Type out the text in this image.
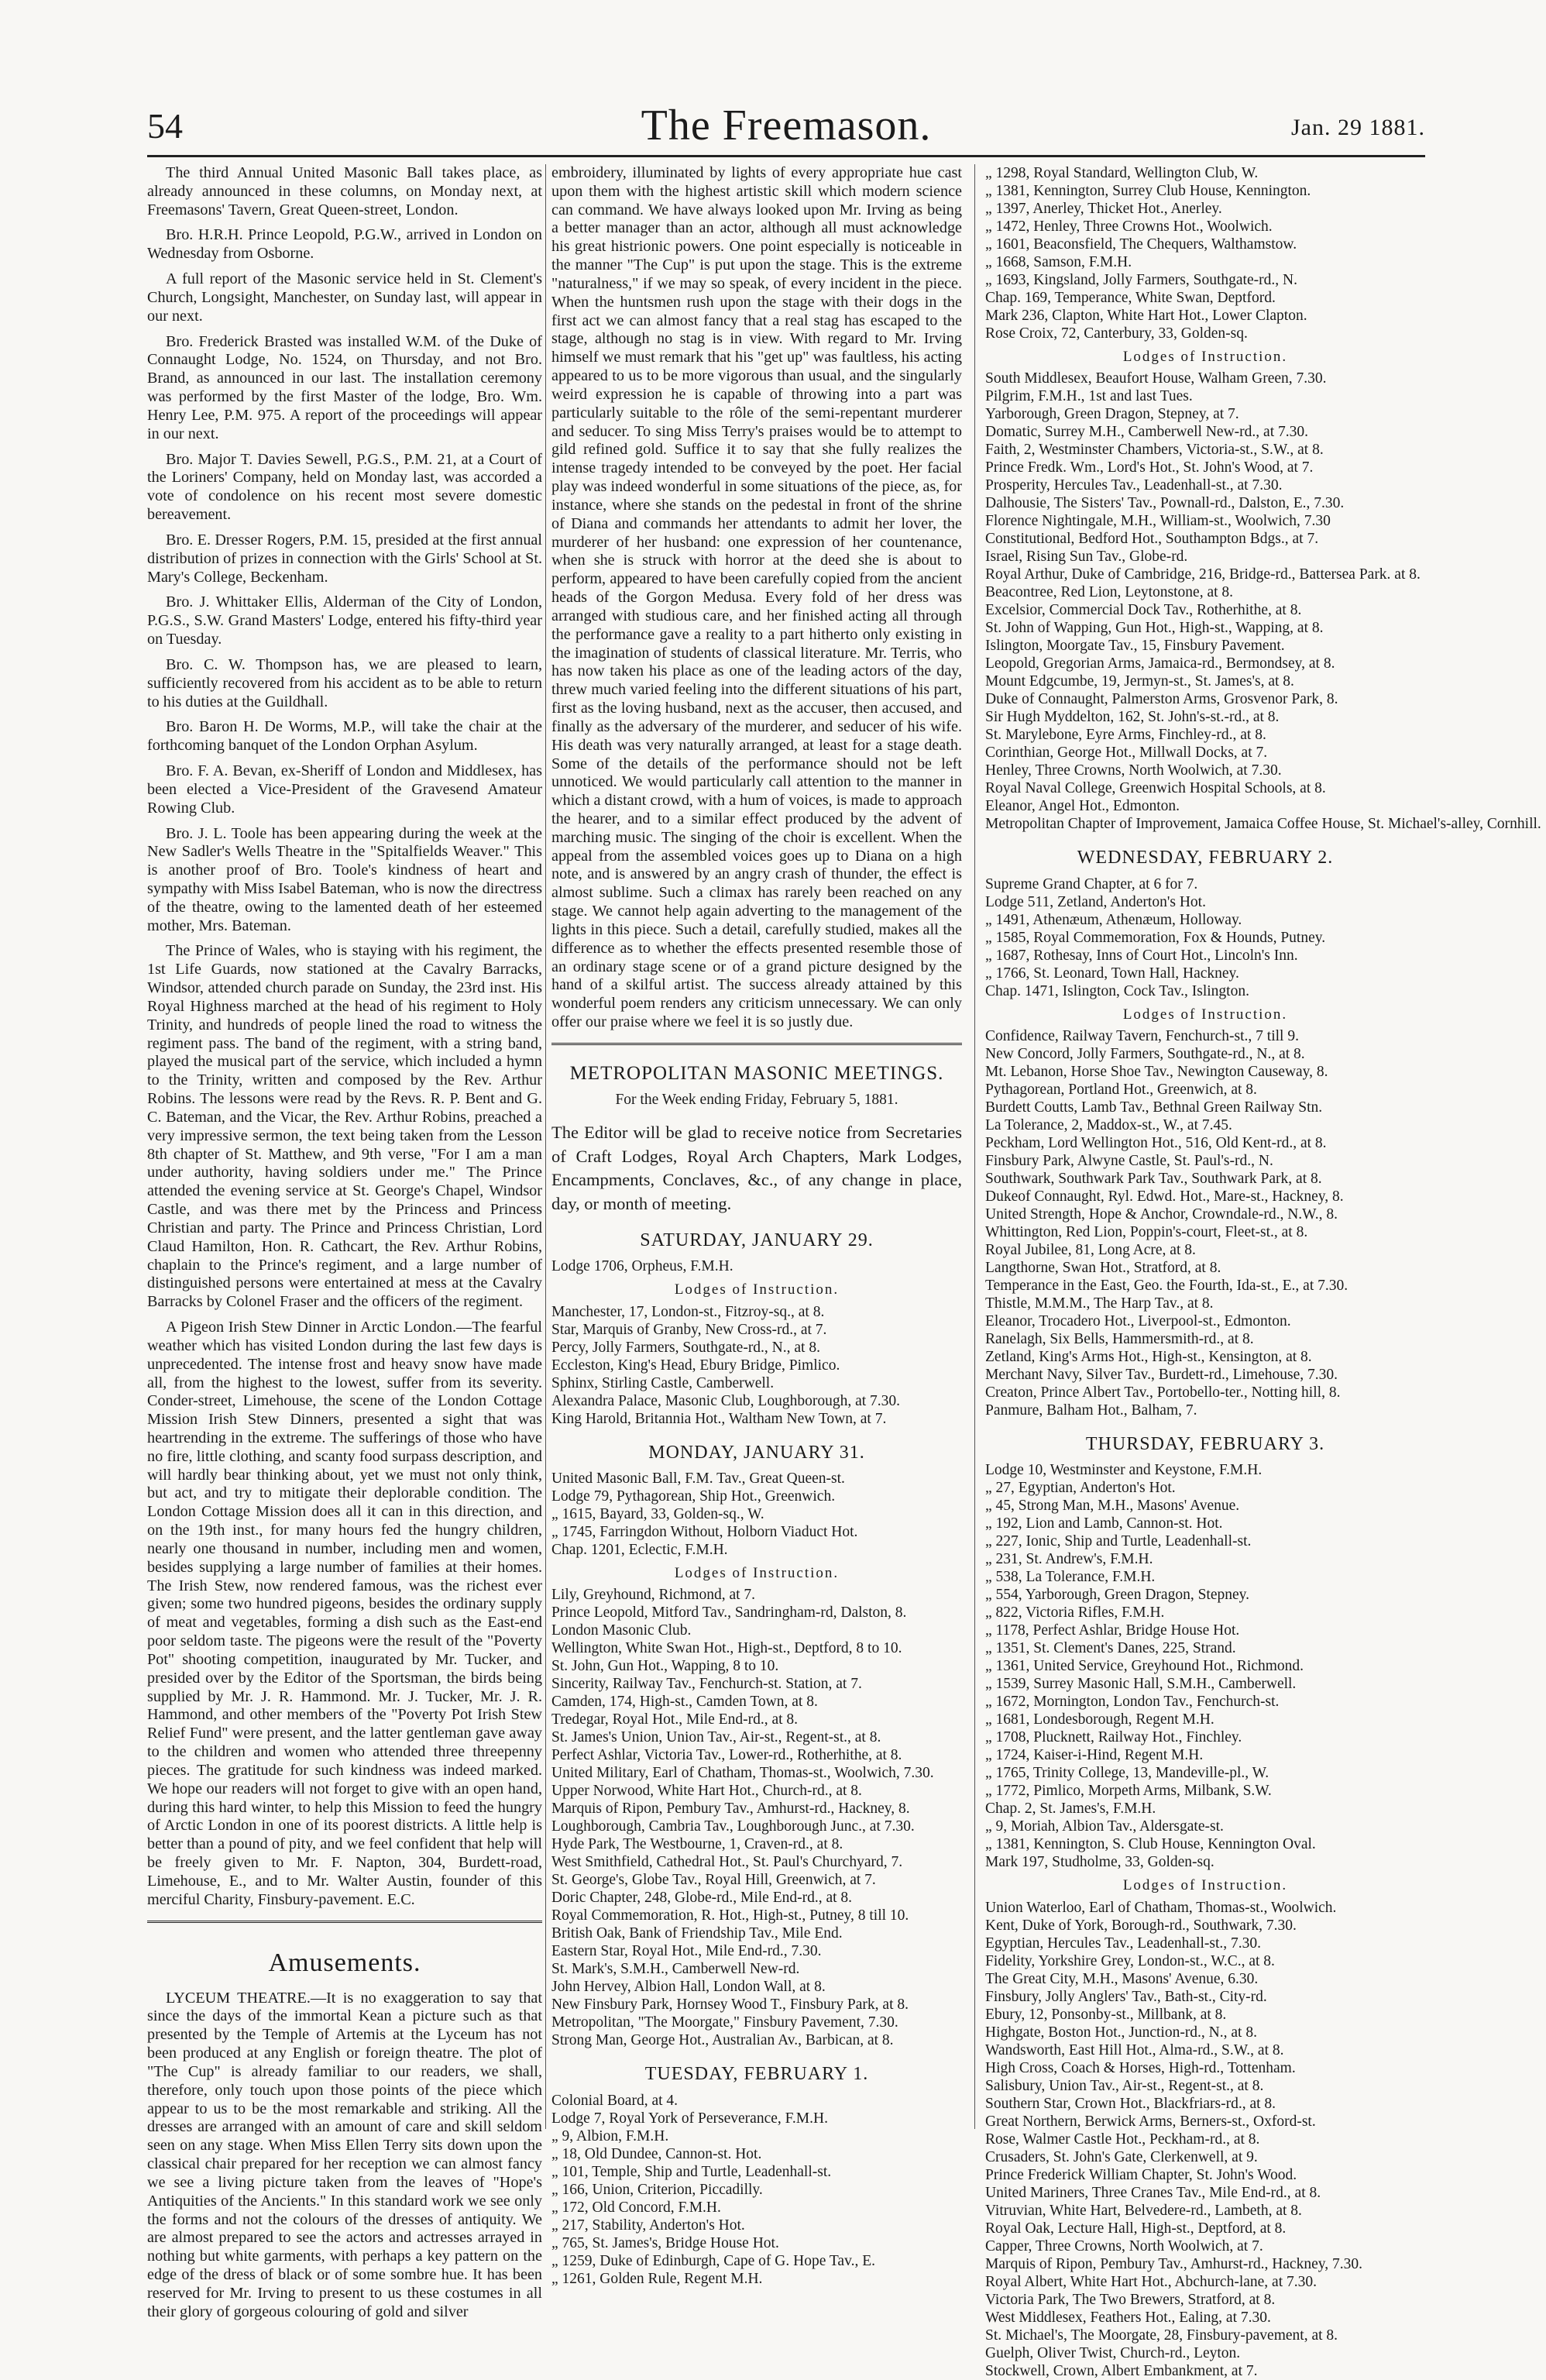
54	The Freemason.	Jan. 29 1881.

The third Annual United Masonic Ball takes place, as already announced in these columns, on Monday next, at Freemasons' Tavern, Great Queen-street, London.

Bro. H.R.H. Prince Leopold, P.G.W., arrived in London on Wednesday from Osborne.

A full report of the Masonic service held in St. Clement's Church, Longsight, Manchester, on Sunday last, will appear in our next.

Bro. Frederick Brasted was installed W.M. of the Duke of Connaught Lodge, No. 1524, on Thursday, and not Bro. Brand, as announced in our last. The installation ceremony was performed by the first Master of the lodge, Bro. Wm. Henry Lee, P.M. 975. A report of the proceedings will appear in our next.

Bro. Major T. Davies Sewell, P.G.S., P.M. 21, at a Court of the Loriners' Company, held on Monday last, was accorded a vote of condolence on his recent most severe domestic bereavement.

Bro. E. Dresser Rogers, P.M. 15, presided at the first annual distribution of prizes in connection with the Girls' School at St. Mary's College, Beckenham.

Bro. J. Whittaker Ellis, Alderman of the City of London, P.G.S., S.W. Grand Masters' Lodge, entered his fifty-third year on Tuesday.

Bro. C. W. Thompson has, we are pleased to learn, sufficiently recovered from his accident as to be able to return to his duties at the Guildhall.

Bro. Baron H. De Worms, M.P., will take the chair at the forthcoming banquet of the London Orphan Asylum.

Bro. F. A. Bevan, ex-Sheriff of London and Middlesex, has been elected a Vice-President of the Gravesend Amateur Rowing Club.

Bro. J. L. Toole has been appearing during the week at the New Sadler's Wells Theatre in the "Spitalfields Weaver." This is another proof of Bro. Toole's kindness of heart and sympathy with Miss Isabel Bateman, who is now the directress of the theatre, owing to the lamented death of her esteemed mother, Mrs. Bateman.

The Prince of Wales, who is staying with his regiment, the 1st Life Guards, now stationed at the Cavalry Barracks, Windsor, attended church parade on Sunday, the 23rd inst. His Royal Highness marched at the head of his regiment to Holy Trinity, and hundreds of people lined the road to witness the regiment pass. The band of the regiment, with a string band, played the musical part of the service, which included a hymn to the Trinity, written and composed by the Rev. Arthur Robins. The lessons were read by the Revs. R. P. Bent and G. C. Bateman, and the Vicar, the Rev. Arthur Robins, preached a very impressive sermon, the text being taken from the Lesson 8th chapter of St. Matthew, and 9th verse, "For I am a man under authority, having soldiers under me." The Prince attended the evening service at St. George's Chapel, Windsor Castle, and was there met by the Princess and Princess Christian and party. The Prince and Princess Christian, Lord Claud Hamilton, Hon. R. Cathcart, the Rev. Arthur Robins, chaplain to the Prince's regiment, and a large number of distinguished persons were entertained at mess at the Cavalry Barracks by Colonel Fraser and the officers of the regiment.

A Pigeon Irish Stew Dinner in Arctic London.—The fearful weather which has visited London during the last few days is unprecedented. The intense frost and heavy snow have made all, from the highest to the lowest, suffer from its severity. Conder-street, Limehouse, the scene of the London Cottage Mission Irish Stew Dinners, presented a sight that was heartrending in the extreme. The sufferings of those who have no fire, little clothing, and scanty food surpass description, and will hardly bear thinking about, yet we must not only think, but act, and try to mitigate their deplorable condition. The London Cottage Mission does all it can in this direction, and on the 19th inst., for many hours fed the hungry children, nearly one thousand in number, including men and women, besides supplying a large number of families at their homes. The Irish Stew, now rendered famous, was the richest ever given; some two hundred pigeons, besides the ordinary supply of meat and vegetables, forming a dish such as the East-end poor seldom taste. The pigeons were the result of the "Poverty Pot" shooting competition, inaugurated by Mr. Tucker, and presided over by the Editor of the Sportsman, the birds being supplied by Mr. J. R. Hammond. Mr. J. Tucker, Mr. J. R. Hammond, and other members of the "Poverty Pot Irish Stew Relief Fund" were present, and the latter gentleman gave away to the children and women who attended three threepenny pieces. The gratitude for such kindness was indeed marked. We hope our readers will not forget to give with an open hand, during this hard winter, to help this Mission to feed the hungry of Arctic London in one of its poorest districts. A little help is better than a pound of pity, and we feel confident that help will be freely given to Mr. F. Napton, 304, Burdett-road, Limehouse, E., and to Mr. Walter Austin, founder of this merciful Charity, Finsbury-pavement. E.C.

Amusements.

LYCEUM THEATRE.—It is no exaggeration to say that since the days of the immortal Kean a picture such as that presented by the Temple of Artemis at the Lyceum has not been produced at any English or foreign theatre. The plot of "The Cup" is already familiar to our readers, we shall, therefore, only touch upon those points of the piece which appear to us to be the most remarkable and striking. All the dresses are arranged with an amount of care and skill seldom seen on any stage. When Miss Ellen Terry sits down upon the classical chair prepared for her reception we can almost fancy we see a living picture taken from the leaves of "Hope's Antiquities of the Ancients." In this standard work we see only the forms and not the colours of the dresses of antiquity. We are almost prepared to see the actors and actresses arrayed in nothing but white garments, with perhaps a key pattern on the edge of the dress of black or of some sombre hue. It has been reserved for Mr. Irving to present to us these costumes in all their glory of gorgeous colouring of gold and silver

embroidery, illuminated by lights of every appropriate hue cast upon them with the highest artistic skill which modern science can command. We have always looked upon Mr. Irving as being a better manager than an actor, although all must acknowledge his great histrionic powers. One point especially is noticeable in the manner "The Cup" is put upon the stage. This is the extreme "naturalness," if we may so speak, of every incident in the piece. When the huntsmen rush upon the stage with their dogs in the first act we can almost fancy that a real stag has escaped to the stage, although no stag is in view. With regard to Mr. Irving himself we must remark that his "get up" was faultless, his acting appeared to us to be more vigorous than usual, and the singularly weird expression he is capable of throwing into a part was particularly suitable to the rôle of the semi-repentant murderer and seducer. To sing Miss Terry's praises would be to attempt to gild refined gold. Suffice it to say that she fully realizes the intense tragedy intended to be conveyed by the poet. Her facial play was indeed wonderful in some situations of the piece, as, for instance, where she stands on the pedestal in front of the shrine of Diana and commands her attendants to admit her lover, the murderer of her husband: one expression of her countenance, when she is struck with horror at the deed she is about to perform, appeared to have been carefully copied from the ancient heads of the Gorgon Medusa. Every fold of her dress was arranged with studious care, and her finished acting all through the performance gave a reality to a part hitherto only existing in the imagination of students of classical literature. Mr. Terris, who has now taken his place as one of the leading actors of the day, threw much varied feeling into the different situations of his part, first as the loving husband, next as the accuser, then accused, and finally as the adversary of the murderer, and seducer of his wife. His death was very naturally arranged, at least for a stage death. Some of the details of the performance should not be left unnoticed. We would particularly call attention to the manner in which a distant crowd, with a hum of voices, is made to approach the hearer, and to a similar effect produced by the advent of marching music. The singing of the choir is excellent. When the appeal from the assembled voices goes up to Diana on a high note, and is answered by an angry crash of thunder, the effect is almost sublime. Such a climax has rarely been reached on any stage. We cannot help again adverting to the management of the lights in this piece. Such a detail, carefully studied, makes all the difference as to whether the effects presented resemble those of an ordinary stage scene or of a grand picture designed by the hand of a skilful artist. The success already attained by this wonderful poem renders any criticism unnecessary. We can only offer our praise where we feel it is so justly due.

METROPOLITAN MASONIC MEETINGS.
For the Week ending Friday, February 5, 1881.
The Editor will be glad to receive notice from Secretaries of Craft Lodges, Royal Arch Chapters, Mark Lodges, Encampments, Conclaves, &c., of any change in place, day, or month of meeting.
SATURDAY, JANUARY 29.
Lodge 1706, Orpheus, F.M.H.
Lodges of Instruction.
Manchester, 17, London-st., Fitzroy-sq., at 8.
Star, Marquis of Granby, New Cross-rd., at 7.
Percy, Jolly Farmers, Southgate-rd., N., at 8.
Eccleston, King's Head, Ebury Bridge, Pimlico.
Sphinx, Stirling Castle, Camberwell.
Alexandra Palace, Masonic Club, Loughborough, at 7.30.
King Harold, Britannia Hot., Waltham New Town, at 7.
MONDAY, JANUARY 31.
United Masonic Ball, F.M. Tav., Great Queen-st.
Lodge 79, Pythagorean, Ship Hot., Greenwich.
„ 1615, Bayard, 33, Golden-sq., W.
„ 1745, Farringdon Without, Holborn Viaduct Hot.
Chap. 1201, Eclectic, F.M.H.
Lodges of Instruction.
Lily, Greyhound, Richmond, at 7.
Prince Leopold, Mitford Tav., Sandringham-rd, Dalston, 8.
London Masonic Club.
Wellington, White Swan Hot., High-st., Deptford, 8 to 10.
St. John, Gun Hot., Wapping, 8 to 10.
Sincerity, Railway Tav., Fenchurch-st. Station, at 7.
Camden, 174, High-st., Camden Town, at 8.
Tredegar, Royal Hot., Mile End-rd., at 8.
St. James's Union, Union Tav., Air-st., Regent-st., at 8.
Perfect Ashlar, Victoria Tav., Lower-rd., Rotherhithe, at 8.
United Military, Earl of Chatham, Thomas-st., Woolwich, 7.30.
Upper Norwood, White Hart Hot., Church-rd., at 8.
Marquis of Ripon, Pembury Tav., Amhurst-rd., Hackney, 8.
Loughborough, Cambria Tav., Loughborough Junc., at 7.30.
Hyde Park, The Westbourne, 1, Craven-rd., at 8.
West Smithfield, Cathedral Hot., St. Paul's Churchyard, 7.
St. George's, Globe Tav., Royal Hill, Greenwich, at 7.
Doric Chapter, 248, Globe-rd., Mile End-rd., at 8.
Royal Commemoration, R. Hot., High-st., Putney, 8 till 10.
British Oak, Bank of Friendship Tav., Mile End.
Eastern Star, Royal Hot., Mile End-rd., 7.30.
St. Mark's, S.M.H., Camberwell New-rd.
John Hervey, Albion Hall, London Wall, at 8.
New Finsbury Park, Hornsey Wood T., Finsbury Park, at 8.
Metropolitan, "The Moorgate," Finsbury Pavement, 7.30.
Strong Man, George Hot., Australian Av., Barbican, at 8.
TUESDAY, FEBRUARY 1.
Colonial Board, at 4.
Lodge 7, Royal York of Perseverance, F.M.H.
„ 9, Albion, F.M.H.
„ 18, Old Dundee, Cannon-st. Hot.
„ 101, Temple, Ship and Turtle, Leadenhall-st.
„ 166, Union, Criterion, Piccadilly.
„ 172, Old Concord, F.M.H.
„ 217, Stability, Anderton's Hot.
„ 765, St. James's, Bridge House Hot.
„ 1259, Duke of Edinburgh, Cape of G. Hope Tav., E.
„ 1261, Golden Rule, Regent M.H.
„ 1298, Royal Standard, Wellington Club, W.
„ 1381, Kennington, Surrey Club House, Kennington.
„ 1397, Anerley, Thicket Hot., Anerley.
„ 1472, Henley, Three Crowns Hot., Woolwich.
„ 1601, Beaconsfield, The Chequers, Walthamstow.
„ 1668, Samson, F.M.H.
„ 1693, Kingsland, Jolly Farmers, Southgate-rd., N.
Chap. 169, Temperance, White Swan, Deptford.
Mark 236, Clapton, White Hart Hot., Lower Clapton.
Rose Croix, 72, Canterbury, 33, Golden-sq.
Lodges of Instruction.
South Middlesex, Beaufort House, Walham Green, 7.30.
Pilgrim, F.M.H., 1st and last Tues.
Yarborough, Green Dragon, Stepney, at 7.
Domatic, Surrey M.H., Camberwell New-rd., at 7.30.
Faith, 2, Westminster Chambers, Victoria-st., S.W., at 8.
Prince Fredk. Wm., Lord's Hot., St. John's Wood, at 7.
Prosperity, Hercules Tav., Leadenhall-st., at 7.30.
Dalhousie, The Sisters' Tav., Pownall-rd., Dalston, E., 7.30.
Florence Nightingale, M.H., William-st., Woolwich, 7.30
Constitutional, Bedford Hot., Southampton Bdgs., at 7.
Israel, Rising Sun Tav., Globe-rd.
Royal Arthur, Duke of Cambridge, 216, Bridge-rd., Battersea Park. at 8.
Beacontree, Red Lion, Leytonstone, at 8.
Excelsior, Commercial Dock Tav., Rotherhithe, at 8.
St. John of Wapping, Gun Hot., High-st., Wapping, at 8.
Islington, Moorgate Tav., 15, Finsbury Pavement.
Leopold, Gregorian Arms, Jamaica-rd., Bermondsey, at 8.
Mount Edgcumbe, 19, Jermyn-st., St. James's, at 8.
Duke of Connaught, Palmerston Arms, Grosvenor Park, 8.
Sir Hugh Myddelton, 162, St. John's-st.-rd., at 8.
St. Marylebone, Eyre Arms, Finchley-rd., at 8.
Corinthian, George Hot., Millwall Docks, at 7.
Henley, Three Crowns, North Woolwich, at 7.30.
Royal Naval College, Greenwich Hospital Schools, at 8.
Eleanor, Angel Hot., Edmonton.
Metropolitan Chapter of Improvement, Jamaica Coffee House, St. Michael's-alley, Cornhill.
WEDNESDAY, FEBRUARY 2.
Supreme Grand Chapter, at 6 for 7.
Lodge 511, Zetland, Anderton's Hot.
„ 1491, Athenæum, Athenæum, Holloway.
„ 1585, Royal Commemoration, Fox & Hounds, Putney.
„ 1687, Rothesay, Inns of Court Hot., Lincoln's Inn.
„ 1766, St. Leonard, Town Hall, Hackney.
Chap. 1471, Islington, Cock Tav., Islington.
Lodges of Instruction.
Confidence, Railway Tavern, Fenchurch-st., 7 till 9.
New Concord, Jolly Farmers, Southgate-rd., N., at 8.
Mt. Lebanon, Horse Shoe Tav., Newington Causeway, 8.
Pythagorean, Portland Hot., Greenwich, at 8.
Burdett Coutts, Lamb Tav., Bethnal Green Railway Stn.
La Tolerance, 2, Maddox-st., W., at 7.45.
Peckham, Lord Wellington Hot., 516, Old Kent-rd., at 8.
Finsbury Park, Alwyne Castle, St. Paul's-rd., N.
Southwark, Southwark Park Tav., Southwark Park, at 8.
Dukeof Connaught, Ryl. Edwd. Hot., Mare-st., Hackney, 8.
United Strength, Hope & Anchor, Crowndale-rd., N.W., 8.
Whittington, Red Lion, Poppin's-court, Fleet-st., at 8.
Royal Jubilee, 81, Long Acre, at 8.
Langthorne, Swan Hot., Stratford, at 8.
Temperance in the East, Geo. the Fourth, Ida-st., E., at 7.30.
Thistle, M.M.M., The Harp Tav., at 8.
Eleanor, Trocadero Hot., Liverpool-st., Edmonton.
Ranelagh, Six Bells, Hammersmith-rd., at 8.
Zetland, King's Arms Hot., High-st., Kensington, at 8.
Merchant Navy, Silver Tav., Burdett-rd., Limehouse, 7.30.
Creaton, Prince Albert Tav., Portobello-ter., Notting hill, 8.
Panmure, Balham Hot., Balham, 7.
THURSDAY, FEBRUARY 3.
Lodge 10, Westminster and Keystone, F.M.H.
„ 27, Egyptian, Anderton's Hot.
„ 45, Strong Man, M.H., Masons' Avenue.
„ 192, Lion and Lamb, Cannon-st. Hot.
„ 227, Ionic, Ship and Turtle, Leadenhall-st.
„ 231, St. Andrew's, F.M.H.
„ 538, La Tolerance, F.M.H.
„ 554, Yarborough, Green Dragon, Stepney.
„ 822, Victoria Rifles, F.M.H.
„ 1178, Perfect Ashlar, Bridge House Hot.
„ 1351, St. Clement's Danes, 225, Strand.
„ 1361, United Service, Greyhound Hot., Richmond.
„ 1539, Surrey Masonic Hall, S.M.H., Camberwell.
„ 1672, Mornington, London Tav., Fenchurch-st.
„ 1681, Londesborough, Regent M.H.
„ 1708, Plucknett, Railway Hot., Finchley.
„ 1724, Kaiser-i-Hind, Regent M.H.
„ 1765, Trinity College, 13, Mandeville-pl., W.
„ 1772, Pimlico, Morpeth Arms, Milbank, S.W.
Chap. 2, St. James's, F.M.H.
„ 9, Moriah, Albion Tav., Aldersgate-st.
„ 1381, Kennington, S. Club House, Kennington Oval.
Mark 197, Studholme, 33, Golden-sq.
Lodges of Instruction.
Union Waterloo, Earl of Chatham, Thomas-st., Woolwich.
Kent, Duke of York, Borough-rd., Southwark, 7.30.
Egyptian, Hercules Tav., Leadenhall-st., 7.30.
Fidelity, Yorkshire Grey, London-st., W.C., at 8.
The Great City, M.H., Masons' Avenue, 6.30.
Finsbury, Jolly Anglers' Tav., Bath-st., City-rd.
Ebury, 12, Ponsonby-st., Millbank, at 8.
Highgate, Boston Hot., Junction-rd., N., at 8.
Wandsworth, East Hill Hot., Alma-rd., S.W., at 8.
High Cross, Coach & Horses, High-rd., Tottenham.
Salisbury, Union Tav., Air-st., Regent-st., at 8.
Southern Star, Crown Hot., Blackfriars-rd., at 8.
Great Northern, Berwick Arms, Berners-st., Oxford-st.
Rose, Walmer Castle Hot., Peckham-rd., at 8.
Crusaders, St. John's Gate, Clerkenwell, at 9.
Prince Frederick William Chapter, St. John's Wood.
United Mariners, Three Cranes Tav., Mile End-rd., at 8.
Vitruvian, White Hart, Belvedere-rd., Lambeth, at 8.
Royal Oak, Lecture Hall, High-st., Deptford, at 8.
Capper, Three Crowns, North Woolwich, at 7.
Marquis of Ripon, Pembury Tav., Amhurst-rd., Hackney, 7.30.
Royal Albert, White Hart Hot., Abchurch-lane, at 7.30.
Victoria Park, The Two Brewers, Stratford, at 8.
West Middlesex, Feathers Hot., Ealing, at 7.30.
St. Michael's, The Moorgate, 28, Finsbury-pavement, at 8.
Guelph, Oliver Twist, Church-rd., Leyton.
Stockwell, Crown, Albert Embankment, at 7.
